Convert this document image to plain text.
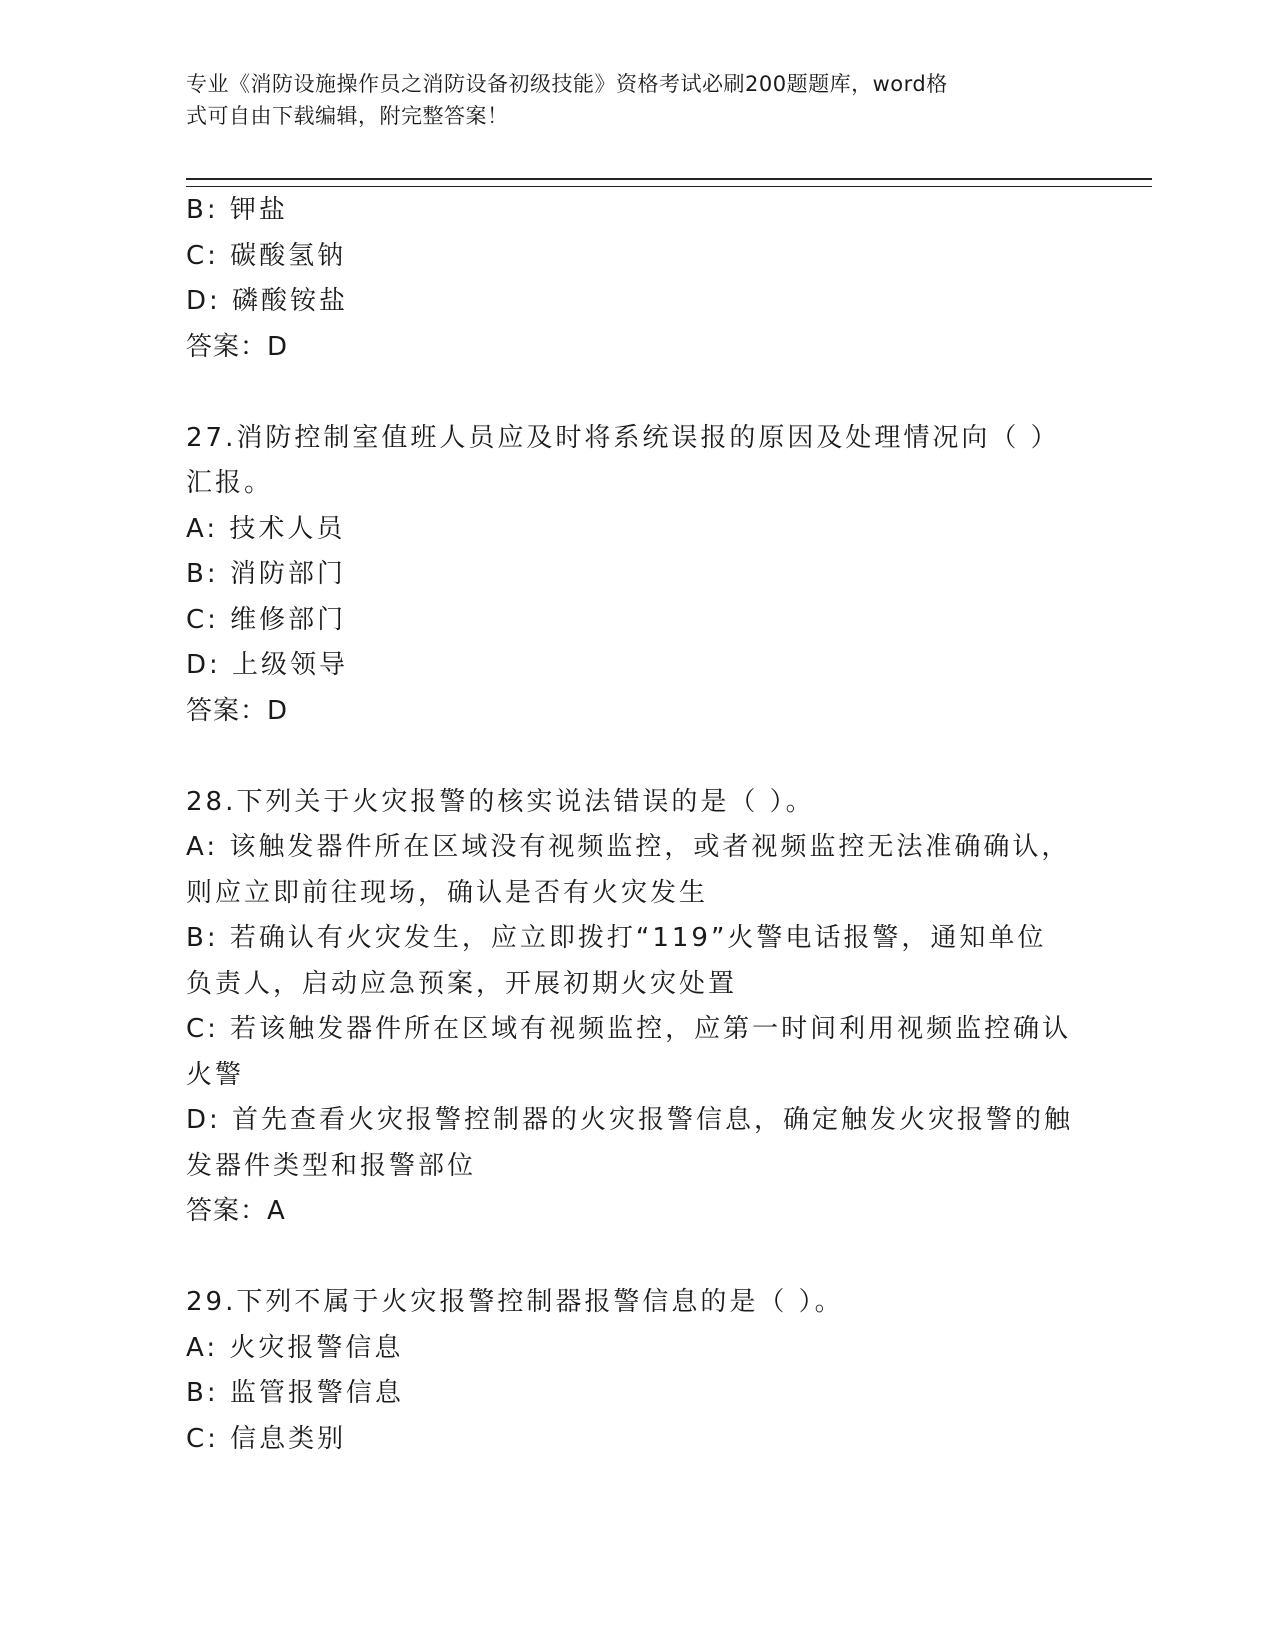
专业《消防设施操作员之消防设备初级技能》资格考试必刷200题题库，word格
式可自由下载编辑，附完整答案！
B: 钾盐
C: 碳酸氢钠
D: 磷酸铵盐
答案：D
27.消防控制室值班人员应及时将系统误报的原因及处理情况向（ ）
汇报。
A: 技术人员
B: 消防部门
C: 维修部门
D: 上级领导
答案：D
28.下列关于火灾报警的核实说法错误的是（ ）。
A: 该触发器件所在区域没有视频监控，或者视频监控无法准确确认，
则应立即前往现场，确认是否有火灾发生
B: 若确认有火灾发生，应立即拨打“119”火警电话报警，通知单位
负责人，启动应急预案，开展初期火灾处置
C: 若该触发器件所在区域有视频监控，应第一时间利用视频监控确认
火警
D: 首先查看火灾报警控制器的火灾报警信息，确定触发火灾报警的触
发器件类型和报警部位
答案：A
29.下列不属于火灾报警控制器报警信息的是（ ）。
A: 火灾报警信息
B: 监管报警信息
C: 信息类别
